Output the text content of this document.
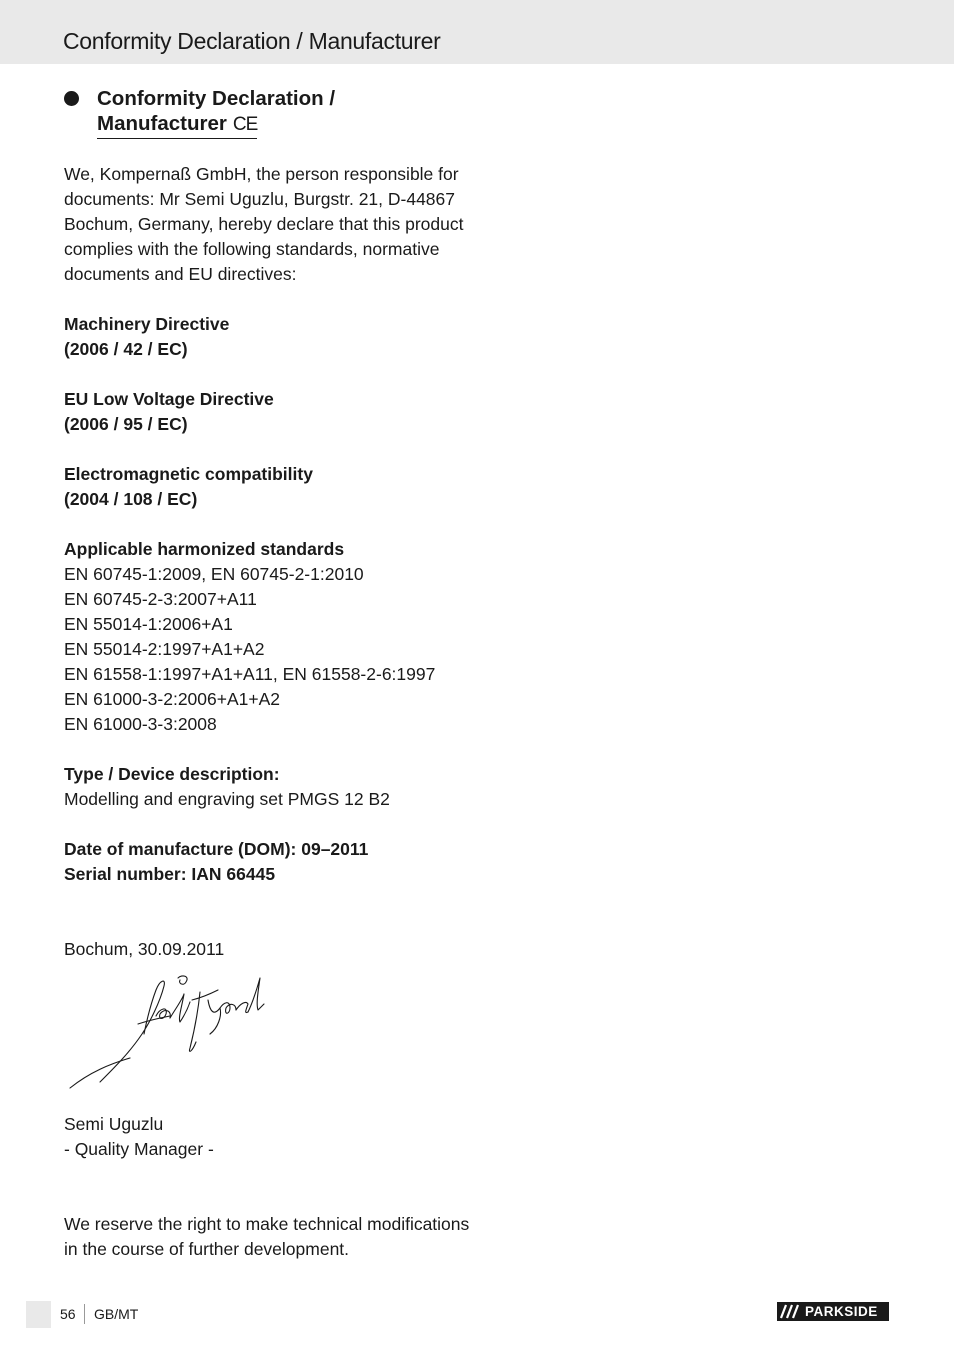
Conformity Declaration / Manufacturer
Conformity Declaration /
Manufacturer CE

We, Kompernaß GmbH, the person responsible for documents: Mr Semi Uguzlu, Burgstr. 21, D-44867 Bochum, Germany, hereby declare that this product complies with the following standards, normative documents and EU directives:

Machinery Directive
(2006 / 42 / EC)
EU Low Voltage Directive
(2006 / 95 / EC)
Electromagnetic compatibility
(2004 / 108 / EC)
Applicable harmonized standards
EN 60745-1:2009, EN 60745-2-1:2010
EN 60745-2-3:2007+A11
EN 55014-1:2006+A1
EN 55014-2:1997+A1+A2
EN 61558-1:1997+A1+A11, EN 61558-2-6:1997
EN 61000-3-2:2006+A1+A2
EN 61000-3-3:2008
Type / Device description:
Modelling and engraving set PMGS 12 B2
Date of manufacture (DOM): 09–2011
Serial number: IAN 66445
Bochum, 30.09.2011
Semi Uguzlu
- Quality Manager -
We reserve the right to make technical modifications in the course of further development.
56 GB/MT	PARKSIDE
